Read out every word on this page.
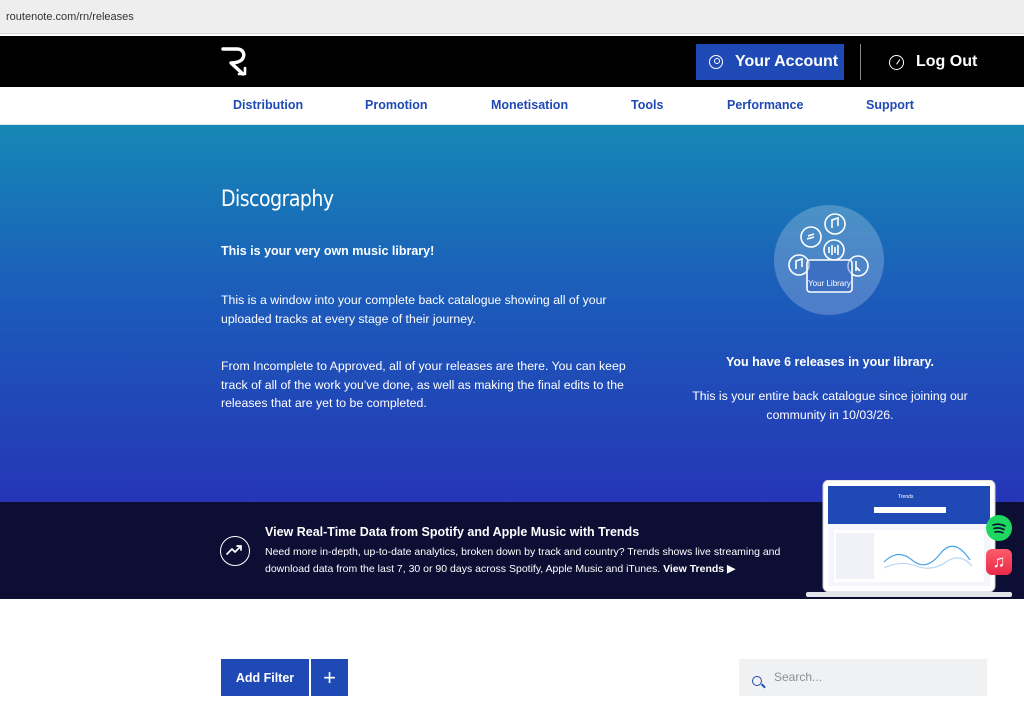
routenote.com/rn/releases
Your Account	Log Out
Distribution	Promotion	Monetisation	Tools	Performance	Support
Discography
This is your very own music library!
This is a window into your complete back catalogue showing all of your uploaded tracks at every stage of their journey.
From Incomplete to Approved, all of your releases are there. You can keep track of all of the work you've done, as well as making the final edits to the releases that are yet to be completed.
Your Library
You have 6 releases in your library.
This is your entire back catalogue since joining our community in 10/03/26.
View Real-Time Data from Spotify and Apple Music with Trends
Need more in-depth, up-to-date analytics, broken down by track and country? Trends shows live streaming and download data from the last 7, 30 or 90 days across Spotify, Apple Music and iTunes. View Trends ▶
Trends
♫
Add Filter	+
Search...
